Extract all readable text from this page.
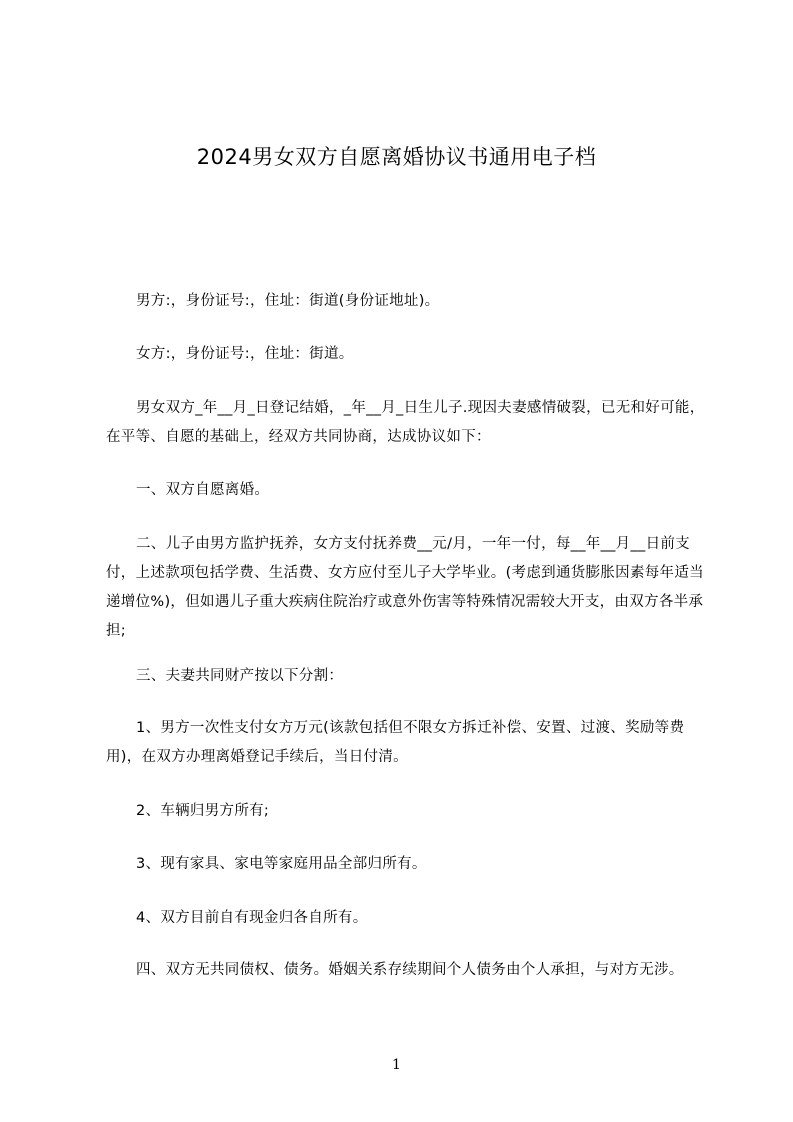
2024男女双方自愿离婚协议书通用电子档
男方:，身份证号:，住址：街道(身份证地址)。
女方:，身份证号:，住址：街道。
男女双方_年__月_日登记结婚，_年__月_日生儿子.现因夫妻感情破裂，已无和好可能，在平等、自愿的基础上，经双方共同协商，达成协议如下：
一、双方自愿离婚。
二、儿子由男方监护抚养，女方支付抚养费__元/月，一年一付，每__年__月__日前支付，上述款项包括学费、生活费、女方应付至儿子大学毕业。(考虑到通货膨胀因素每年适当递增位%)，但如遇儿子重大疾病住院治疗或意外伤害等特殊情况需较大开支，由双方各半承担;
三、夫妻共同财产按以下分割：
1、男方一次性支付女方万元(该款包括但不限女方拆迁补偿、安置、过渡、奖励等费用)，在双方办理离婚登记手续后，当日付清。
2、车辆归男方所有;
3、现有家具、家电等家庭用品全部归所有。
4、双方目前自有现金归各自所有。
四、双方无共同债权、债务。婚姻关系存续期间个人债务由个人承担，与对方无涉。
1
